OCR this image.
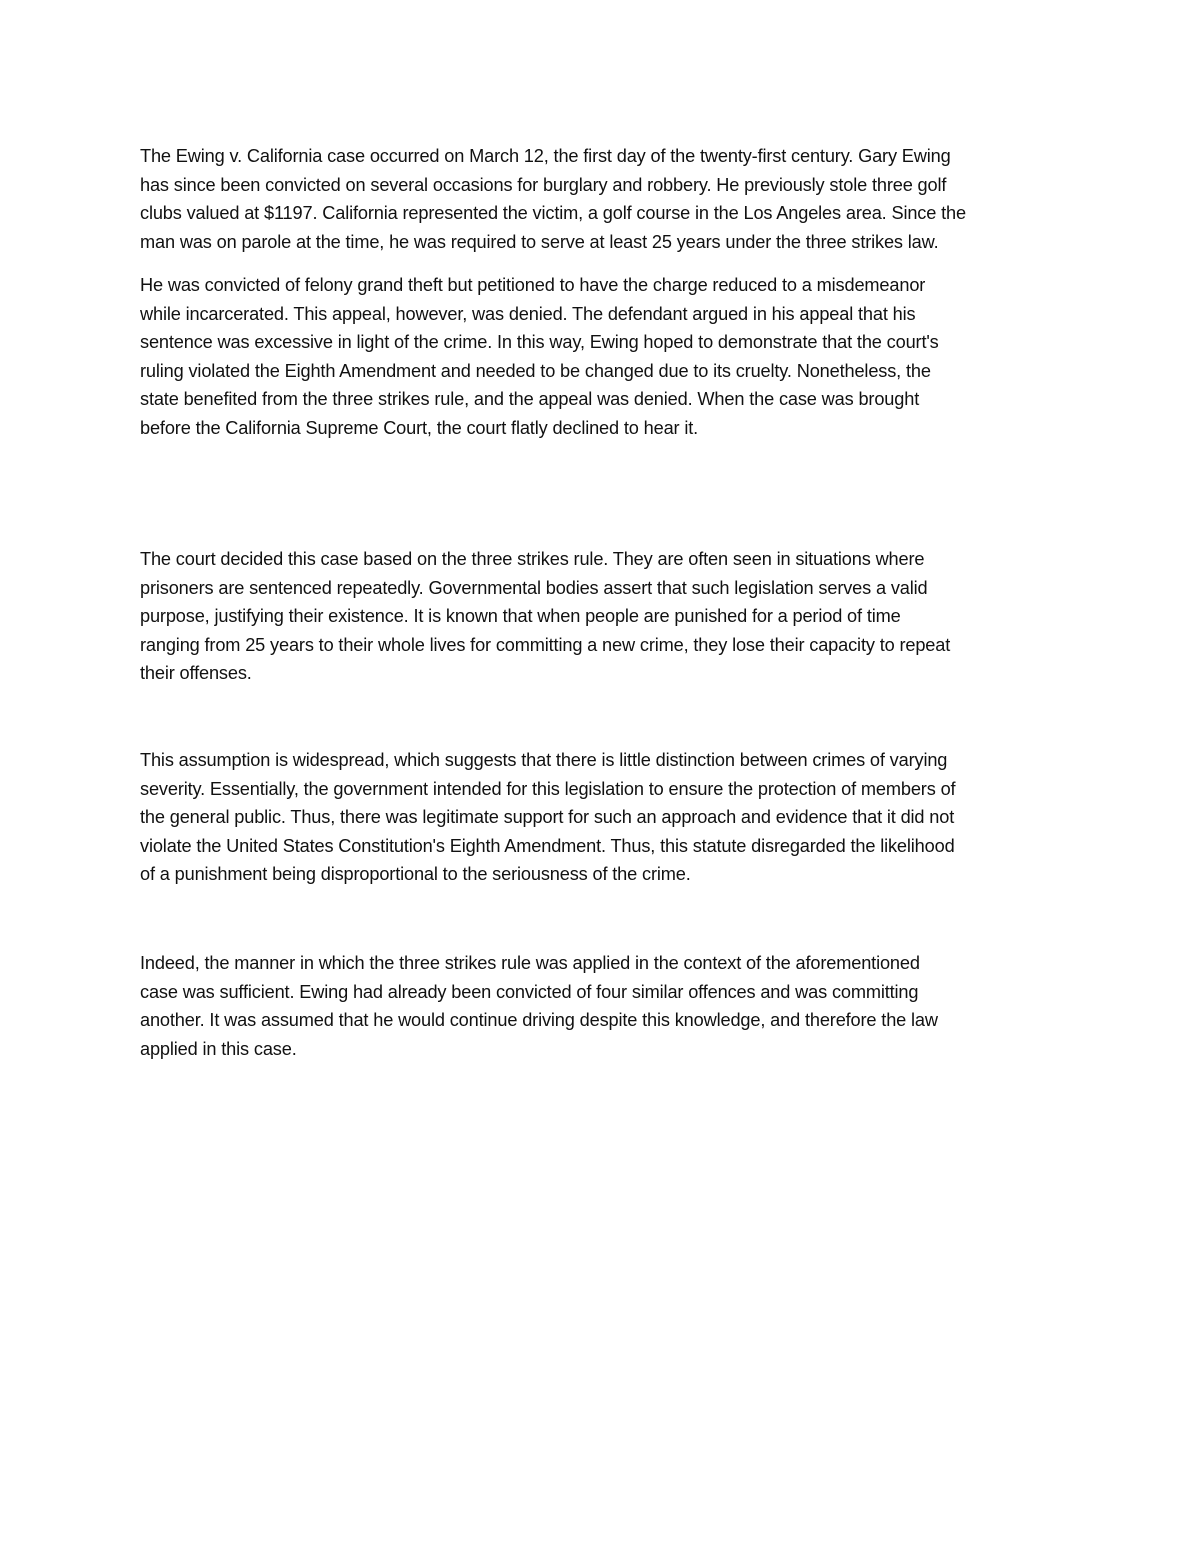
The Ewing v. California case occurred on March 12, the first day of the twenty-first century. Gary Ewing
has since been convicted on several occasions for burglary and robbery. He previously stole three golf
clubs valued at $1197. California represented the victim, a golf course in the Los Angeles area. Since the
man was on parole at the time, he was required to serve at least 25 years under the three strikes law.

He was convicted of felony grand theft but petitioned to have the charge reduced to a misdemeanor
while incarcerated. This appeal, however, was denied. The defendant argued in his appeal that his
sentence was excessive in light of the crime. In this way, Ewing hoped to demonstrate that the court's
ruling violated the Eighth Amendment and needed to be changed due to its cruelty. Nonetheless, the
state benefited from the three strikes rule, and the appeal was denied. When the case was brought
before the California Supreme Court, the court flatly declined to hear it.

The court decided this case based on the three strikes rule. They are often seen in situations where
prisoners are sentenced repeatedly. Governmental bodies assert that such legislation serves a valid
purpose, justifying their existence. It is known that when people are punished for a period of time
ranging from 25 years to their whole lives for committing a new crime, they lose their capacity to repeat
their offenses.

This assumption is widespread, which suggests that there is little distinction between crimes of varying
severity. Essentially, the government intended for this legislation to ensure the protection of members of
the general public. Thus, there was legitimate support for such an approach and evidence that it did not
violate the United States Constitution's Eighth Amendment. Thus, this statute disregarded the likelihood
of a punishment being disproportional to the seriousness of the crime.

Indeed, the manner in which the three strikes rule was applied in the context of the aforementioned
case was sufficient. Ewing had already been convicted of four similar offences and was committing
another. It was assumed that he would continue driving despite this knowledge, and therefore the law
applied in this case.
